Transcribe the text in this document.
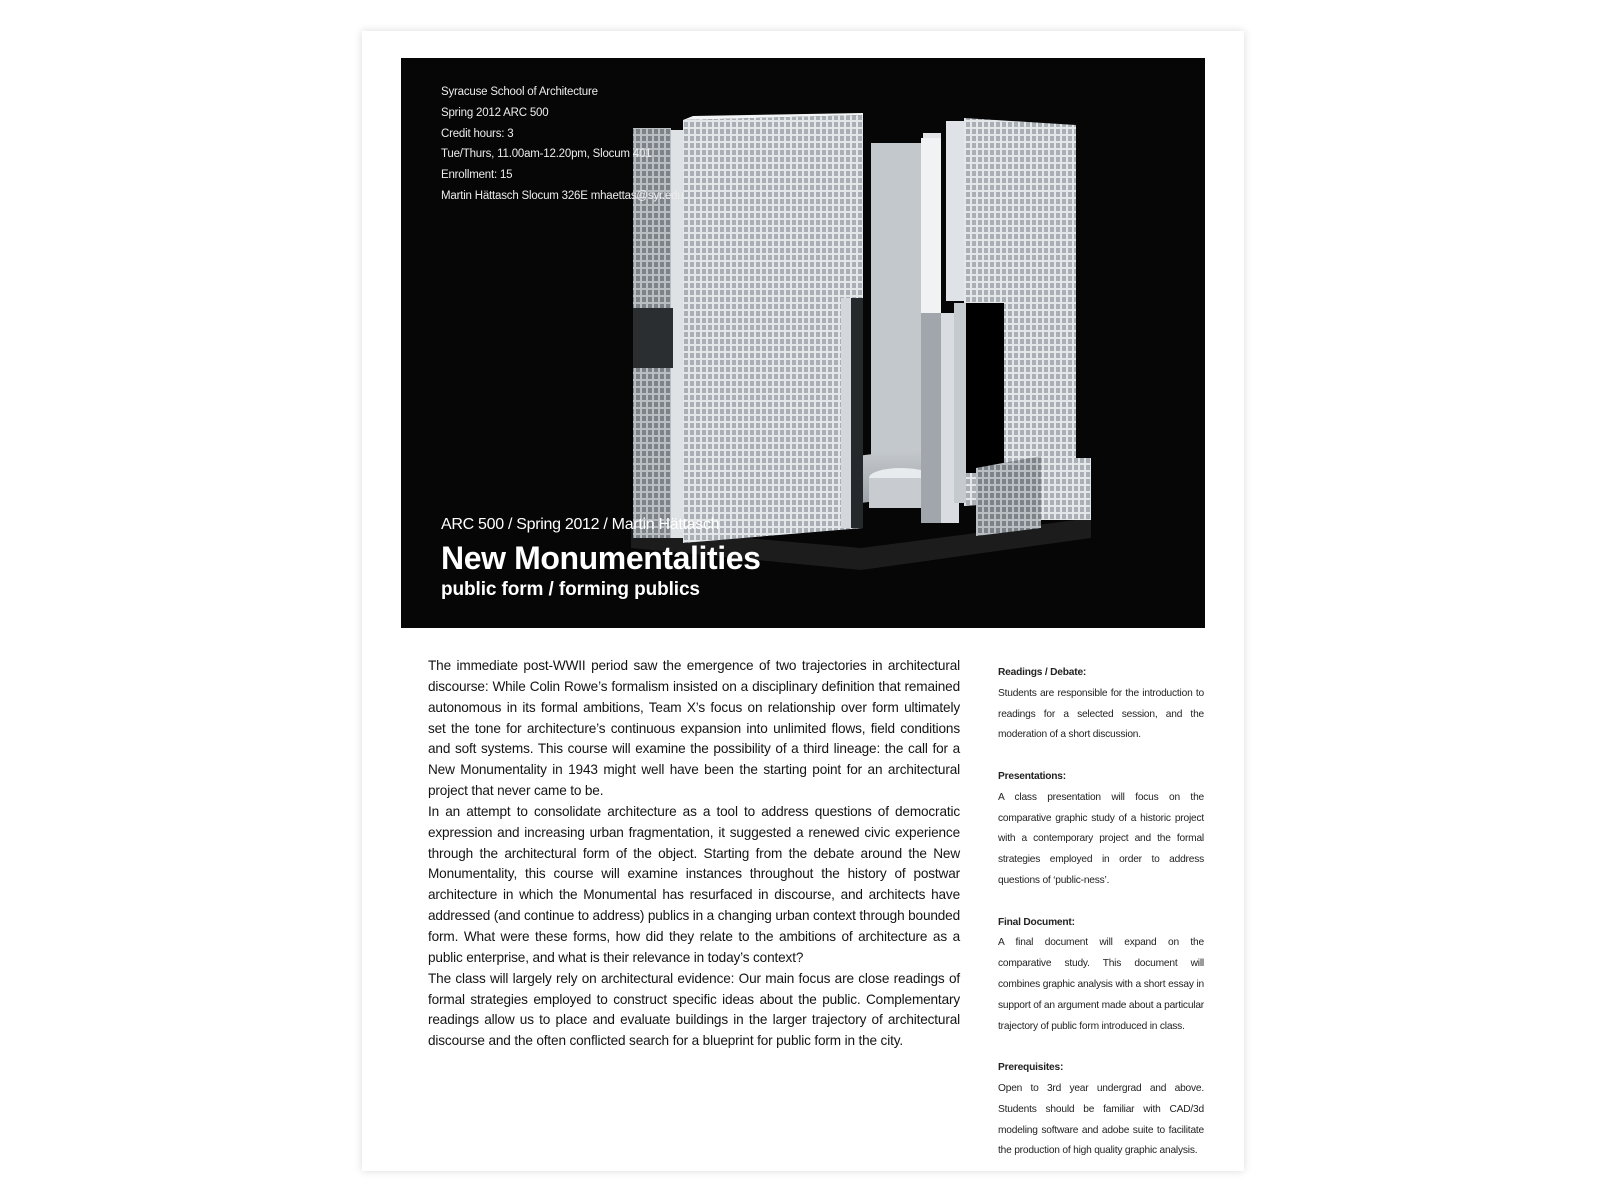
Syracuse School of Architecture
Spring 2012 ARC 500
Credit hours: 3
Tue/Thurs, 11.00am-12.20pm, Slocum 401
Enrollment: 15
Martin Hättasch Slocum 326E mhaettas@syr.edu
ARC 500 / Spring 2012 / Martin Hättasch
New Monumentalities
public form / forming publics

The immediate post-WWII period saw the emergence of two trajectories in architectural discourse: While Colin Rowe’s formalism insisted on a disciplinary definition that remained autonomous in its formal ambitions, Team X’s focus on relationship over form ultimately set the tone for architecture’s continuous expansion into unlimited flows, field conditions and soft systems. This course will examine the possibility of a third lineage: the call for a New Monumentality in 1943 might well have been the starting point for an architectural project that never came to be.

In an attempt to consolidate architecture as a tool to address questions of democratic expression and increasing urban fragmentation, it suggested a renewed civic experience through the architectural form of the object. Starting from the debate around the New Monumentality, this course will examine instances throughout the history of postwar architecture in which the Monumental has resurfaced in discourse, and architects have addressed (and continue to address) publics in a changing urban context through bounded form. What were these forms, how did they relate to the ambitions of architecture as a public enterprise, and what is their relevance in today’s context?

The class will largely rely on architectural evidence: Our main focus are close readings of formal strategies employed to construct specific ideas about the public. Complementary readings allow us to place and evaluate buildings in the larger trajectory of architectural discourse and the often conflicted search for a blueprint for public form in the city.

Readings / Debate:

Students are responsible for the introduction to readings for a selected session, and the moderation of a short discussion.

Presentations:

A class presentation will focus on the comparative graphic study of a historic project with a contemporary project and the formal strategies employed in order to address questions of ‘public-ness’.

Final Document:

A final document will expand on the comparative study. This document will combines graphic analysis with a short essay in support of an argument made about a particular trajectory of public form introduced in class.

Prerequisites:

Open to 3rd year undergrad and above. Students should be familiar with CAD/3d modeling software and adobe suite to facilitate the production of high quality graphic analysis.
